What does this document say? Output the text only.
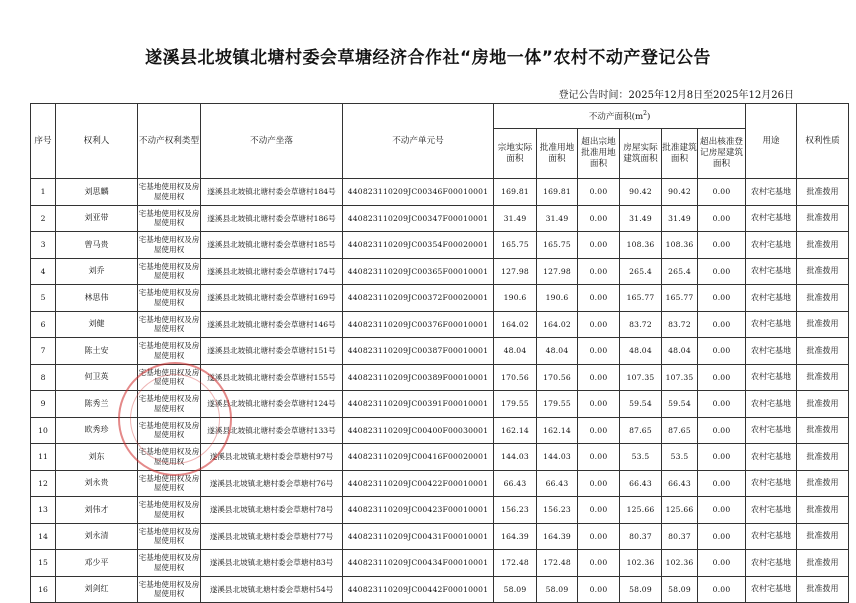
遂溪县北坡镇北塘村委会草塘经济合作社“房地一体”农村不动产登记公告
登记公告时间：2025年12月8日至2025年12月26日
序号	权利人	不动产权利类型	不动产坐落	不动产单元号	不动产面积$(m^2)$						用途	权利性质
					宗地实际面积	批准用地面积	超出宗地批准用地面积	房屋实际建筑面积	批准建筑面积	超出核准登记房屋建筑面积		
1	刘思麟	宅基地使用权及房屋使用权	遂溪县北坡镇北塘村委会草塘村184号	440823110209JC00346F00010001	169.81	169.81	0.00	90.42	90.42	0.00	农村宅基地	批准拨用
2	刘亚带	宅基地使用权及房屋使用权	遂溪县北坡镇北塘村委会草塘村186号	440823110209JC00347F00010001	31.49	31.49	0.00	31.49	31.49	0.00	农村宅基地	批准拨用
3	曾马贵	宅基地使用权及房屋使用权	遂溪县北坡镇北塘村委会草塘村185号	440823110209JC00354F00020001	165.75	165.75	0.00	108.36	108.36	0.00	农村宅基地	批准拨用
4	刘乔	宅基地使用权及房屋使用权	遂溪县北坡镇北塘村委会草塘村174号	440823110209JC00365F00010001	127.98	127.98	0.00	265.4	265.4	0.00	农村宅基地	批准拨用
5	林思伟	宅基地使用权及房屋使用权	遂溪县北坡镇北塘村委会草塘村169号	440823110209JC00372F00020001	190.6	190.6	0.00	165.77	165.77	0.00	农村宅基地	批准拨用
6	刘健	宅基地使用权及房屋使用权	遂溪县北坡镇北塘村委会草塘村146号	440823110209JC00376F00010001	164.02	164.02	0.00	83.72	83.72	0.00	农村宅基地	批准拨用
7	陈土安	宅基地使用权及房屋使用权	遂溪县北坡镇北塘村委会草塘村151号	440823110209JC00387F00010001	48.04	48.04	0.00	48.04	48.04	0.00	农村宅基地	批准拨用
8	何卫英	宅基地使用权及房屋使用权	遂溪县北坡镇北塘村委会草塘村155号	440823110209JC00389F00010001	170.56	170.56	0.00	107.35	107.35	0.00	农村宅基地	批准拨用
9	陈秀兰	宅基地使用权及房屋使用权	遂溪县北坡镇北塘村委会草塘村124号	440823110209JC00391F00010001	179.55	179.55	0.00	59.54	59.54	0.00	农村宅基地	批准拨用
10	欧秀珍	宅基地使用权及房屋使用权	遂溪县北坡镇北塘村委会草塘村133号	440823110209JC00400F00030001	162.14	162.14	0.00	87.65	87.65	0.00	农村宅基地	批准拨用
11	刘东	宅基地使用权及房屋使用权	遂溪县北坡镇北塘村委会草塘村97号	440823110209JC00416F00020001	144.03	144.03	0.00	53.5	53.5	0.00	农村宅基地	批准拨用
12	刘永贵	宅基地使用权及房屋使用权	遂溪县北坡镇北塘村委会草塘村76号	440823110209JC00422F00010001	66.43	66.43	0.00	66.43	66.43	0.00	农村宅基地	批准拨用
13	刘伟才	宅基地使用权及房屋使用权	遂溪县北坡镇北塘村委会草塘村78号	440823110209JC00423F00010001	156.23	156.23	0.00	125.66	125.66	0.00	农村宅基地	批准拨用
14	刘永清	宅基地使用权及房屋使用权	遂溪县北坡镇北塘村委会草塘村77号	440823110209JC00431F00010001	164.39	164.39	0.00	80.37	80.37	0.00	农村宅基地	批准拨用
15	邓少平	宅基地使用权及房屋使用权	遂溪县北坡镇北塘村委会草塘村83号	440823110209JC00434F00010001	172.48	172.48	0.00	102.36	102.36	0.00	农村宅基地	批准拨用
16	刘剑红	宅基地使用权及房屋使用权	遂溪县北坡镇北塘村委会草塘村54号	440823110209JC00442F00010001	58.09	58.09	0.00	58.09	58.09	0.00	农村宅基地	批准拨用
